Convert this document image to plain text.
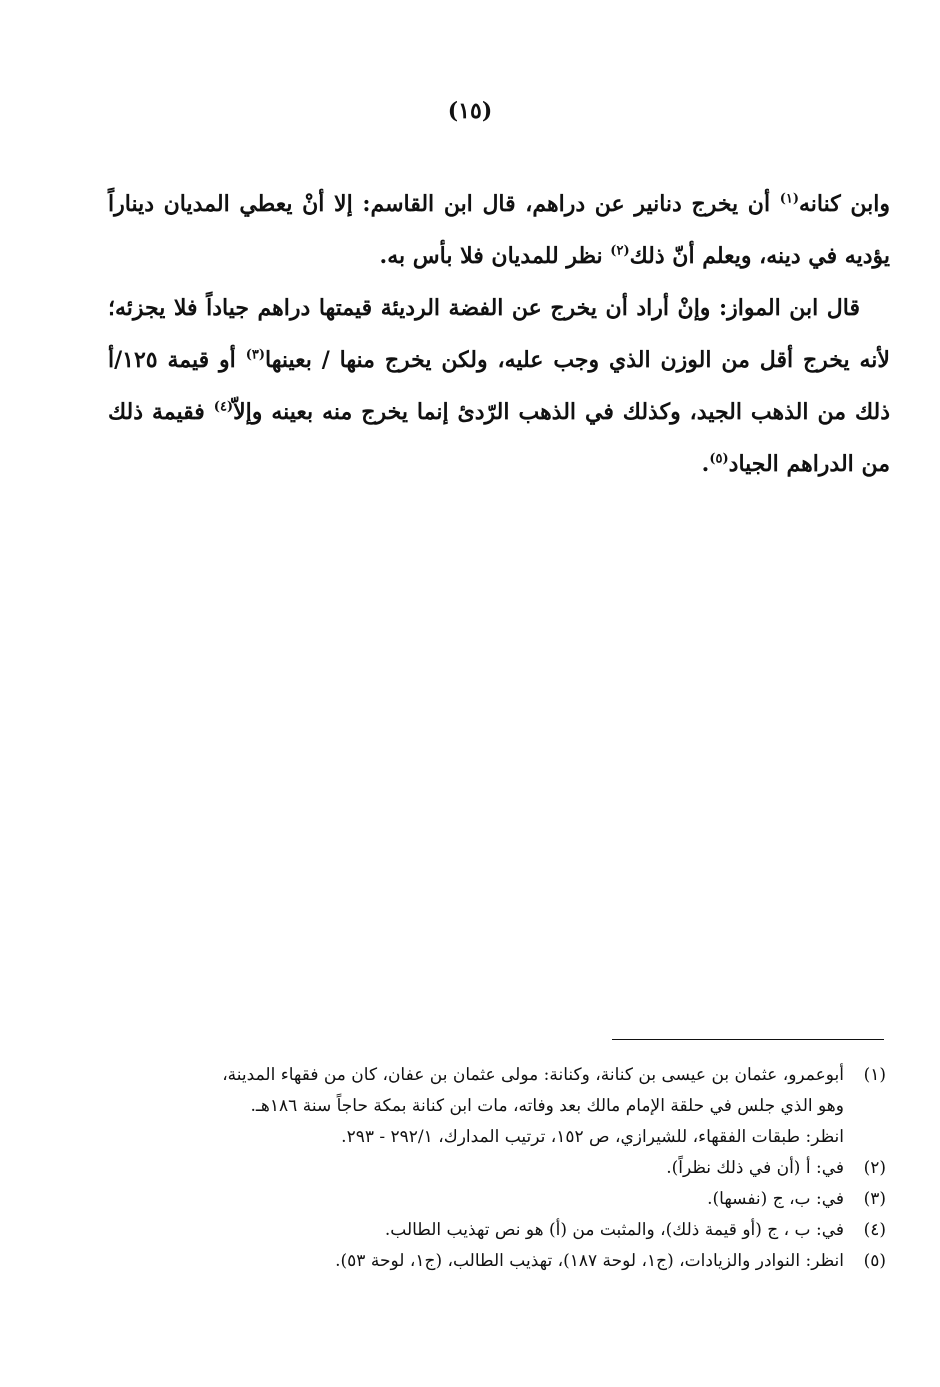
(١٥)

وابن كنانه$^{(١)}$ أن يخرج دنانير عن دراهم، قال ابن القاسم: إلا أنْ يعطي المديان ديناراً يؤديه في دينه، ويعلم أنّ ذلك$^{(٢)}$ نظر للمديان فلا بأس به.

قال ابن المواز: وإنْ أراد أن يخرج عن الفضة الرديئة قيمتها دراهم جياداً فلا يجزئه؛ لأنه يخرج أقل من الوزن الذي وجب عليه، ولكن يخرج منها / بعينها$^{(٣)}$ أو قيمة ١٢٥/أ ذلك من الذهب الجيد، وكذلك في الذهب الرّدئ إنما يخرج منه بعينه وإلاّ$^{(٤)}$ فقيمة ذلك من الدراهم الجياد$^{(٥)}$.

(١)
أبوعمرو، عثمان بن عيسى بن كنانة، وكنانة: مولى عثمان بن عفان، كان من فقهاء المدينة،
وهو الذي جلس في حلقة الإمام مالك بعد وفاته، مات ابن كنانة بمكة حاجاً سنة ١٨٦هـ.
انظر: طبقات الفقهاء، للشيرازي، ص ١٥٢، ترتيب المدارك، ٢٩٢/١ - ٢٩٣.
(٢)
في: أ (أن في ذلك نظراً).
(٣)
في: ب، ج (نفسها).
(٤)
في: ب ، ج (أو قيمة ذلك)، والمثبت من (أ) هو نص تهذيب الطالب.
(٥)
انظر: النوادر والزيادات، (ج١، لوحة ١٨٧)، تهذيب الطالب، (ج١، لوحة ٥٣).
